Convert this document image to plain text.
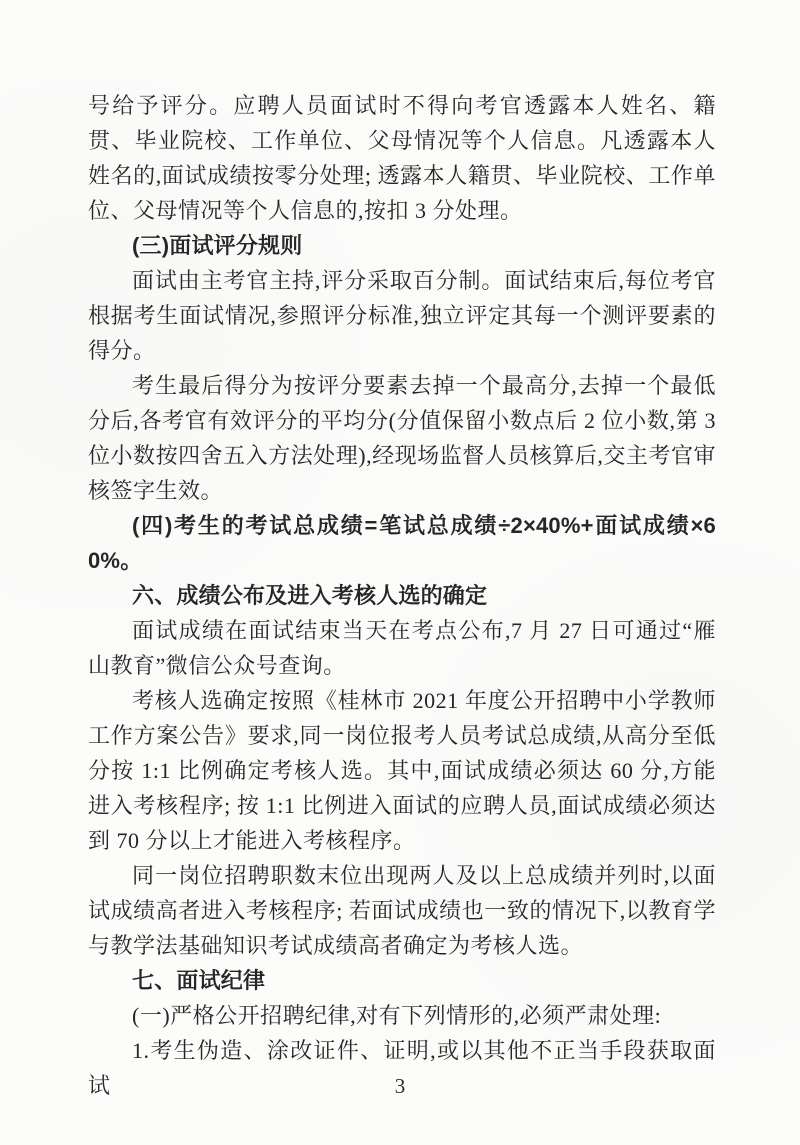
号给予评分。应聘人员面试时不得向考官透露本人姓名、籍贯、毕业院校、工作单位、父母情况等个人信息。凡透露本人姓名的,面试成绩按零分处理; 透露本人籍贯、毕业院校、工作单位、父母情况等个人信息的,按扣 3 分处理。

(三)面试评分规则

面试由主考官主持,评分采取百分制。面试结束后,每位考官根据考生面试情况,参照评分标准,独立评定其每一个测评要素的得分。

考生最后得分为按评分要素去掉一个最高分,去掉一个最低分后,各考官有效评分的平均分(分值保留小数点后 2 位小数,第 3 位小数按四舍五入方法处理),经现场监督人员核算后,交主考官审核签字生效。

(四)考生的考试总成绩=笔试总成绩÷2×40%+面试成绩×60%。

六、成绩公布及进入考核人选的确定

面试成绩在面试结束当天在考点公布,7 月 27 日可通过“雁山教育”微信公众号查询。

考核人选确定按照《桂林市 2021 年度公开招聘中小学教师工作方案公告》要求,同一岗位报考人员考试总成绩,从高分至低分按 1:1 比例确定考核人选。其中,面试成绩必须达 60 分,方能进入考核程序; 按 1:1 比例进入面试的应聘人员,面试成绩必须达到 70 分以上才能进入考核程序。

同一岗位招聘职数末位出现两人及以上总成绩并列时,以面试成绩高者进入考核程序; 若面试成绩也一致的情况下,以教育学与教学法基础知识考试成绩高者确定为考核人选。

七、面试纪律

(一)严格公开招聘纪律,对有下列情形的,必须严肃处理:

1.考生伪造、涂改证件、证明,或以其他不正当手段获取面试	3
